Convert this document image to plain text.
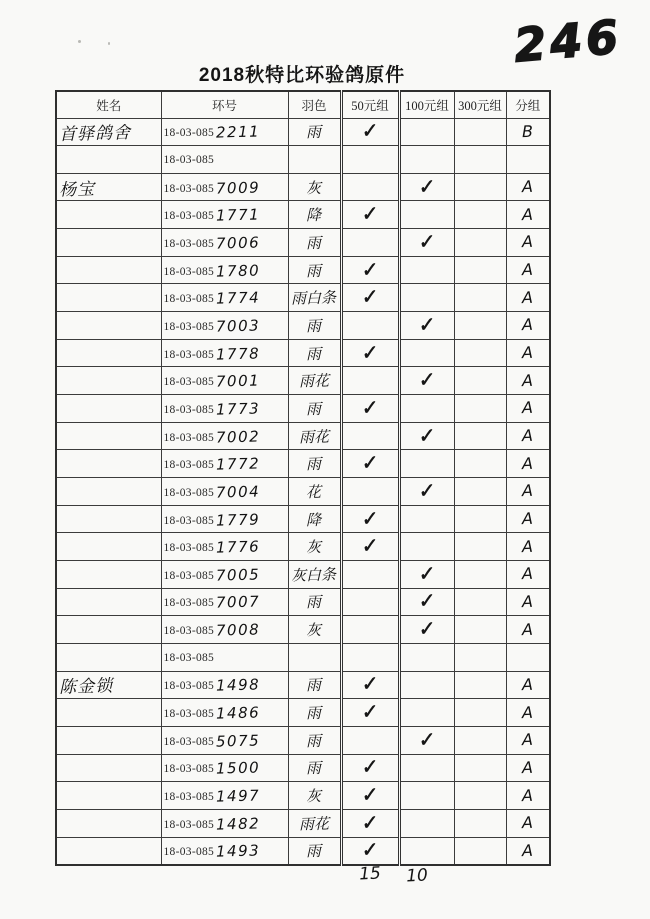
246
2018秋特比环验鸽原件
姓名	环号	羽色	50元组	100元组	300元组	分组
首驿鸽舍	18-03-085 2211	雨	✓			B
	18-03-085					
杨宝	18-03-085 7009	灰		✓		A
	18-03-085 1771	降	✓			A
	18-03-085 7006	雨		✓		A
	18-03-085 1780	雨	✓			A
	18-03-085 1774	雨白条	✓			A
	18-03-085 7003	雨		✓		A
	18-03-085 1778	雨	✓			A
	18-03-085 7001	雨花		✓		A
	18-03-085 1773	雨	✓			A
	18-03-085 7002	雨花		✓		A
	18-03-085 1772	雨	✓			A
	18-03-085 7004	花		✓		A
	18-03-085 1779	降	✓			A
	18-03-085 1776	灰	✓			A
	18-03-085 7005	灰白条		✓		A
	18-03-085 7007	雨		✓		A
	18-03-085 7008	灰		✓		A
	18-03-085					
陈金锁	18-03-085 1498	雨	✓			A
	18-03-085 1486	雨	✓			A
	18-03-085 5075	雨		✓		A
	18-03-085 1500	雨	✓			A
	18-03-085 1497	灰	✓			A
	18-03-085 1482	雨花	✓			A
	18-03-085 1493	雨	✓			A
15	10
